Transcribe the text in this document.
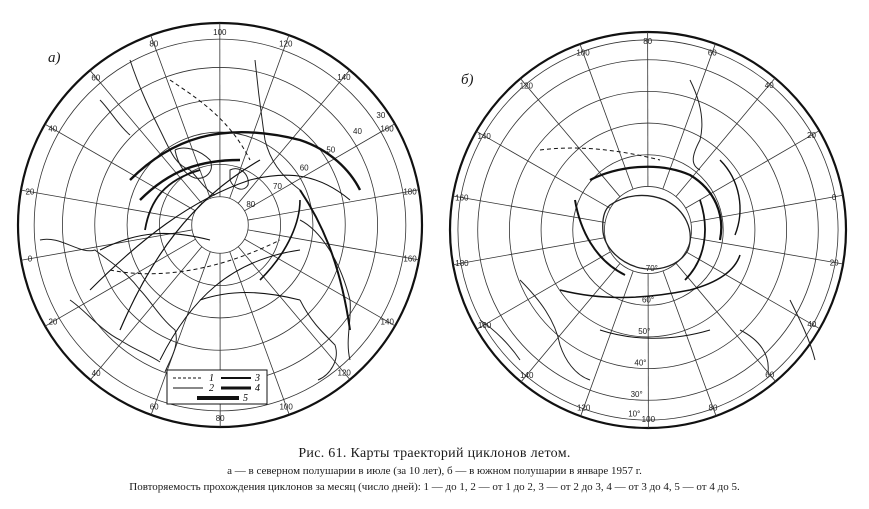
80
70
60
50
40
30
80
100
120
140
160
180
160
140
120
100
80
60
40
20
0
20
40
60
1
2
3
4
5
70°
60°
50°
40°
30°
10°
120
100
80
60
40
20
0
20
40
60
80
100
120
140
160
180
160
140
а)
б)
Рис. 61. Карты траекторий циклонов летом.
а — в северном полушарии в июле (за 10 лет), б — в южном полушарии в январе 1957 г.
Повторяемость прохождения циклонов за месяц (число дней): 1 — до 1, 2 — от 1 до 2, 3 — от 2 до 3, 4 — от 3 до 4, 5 — от 4 до 5.
